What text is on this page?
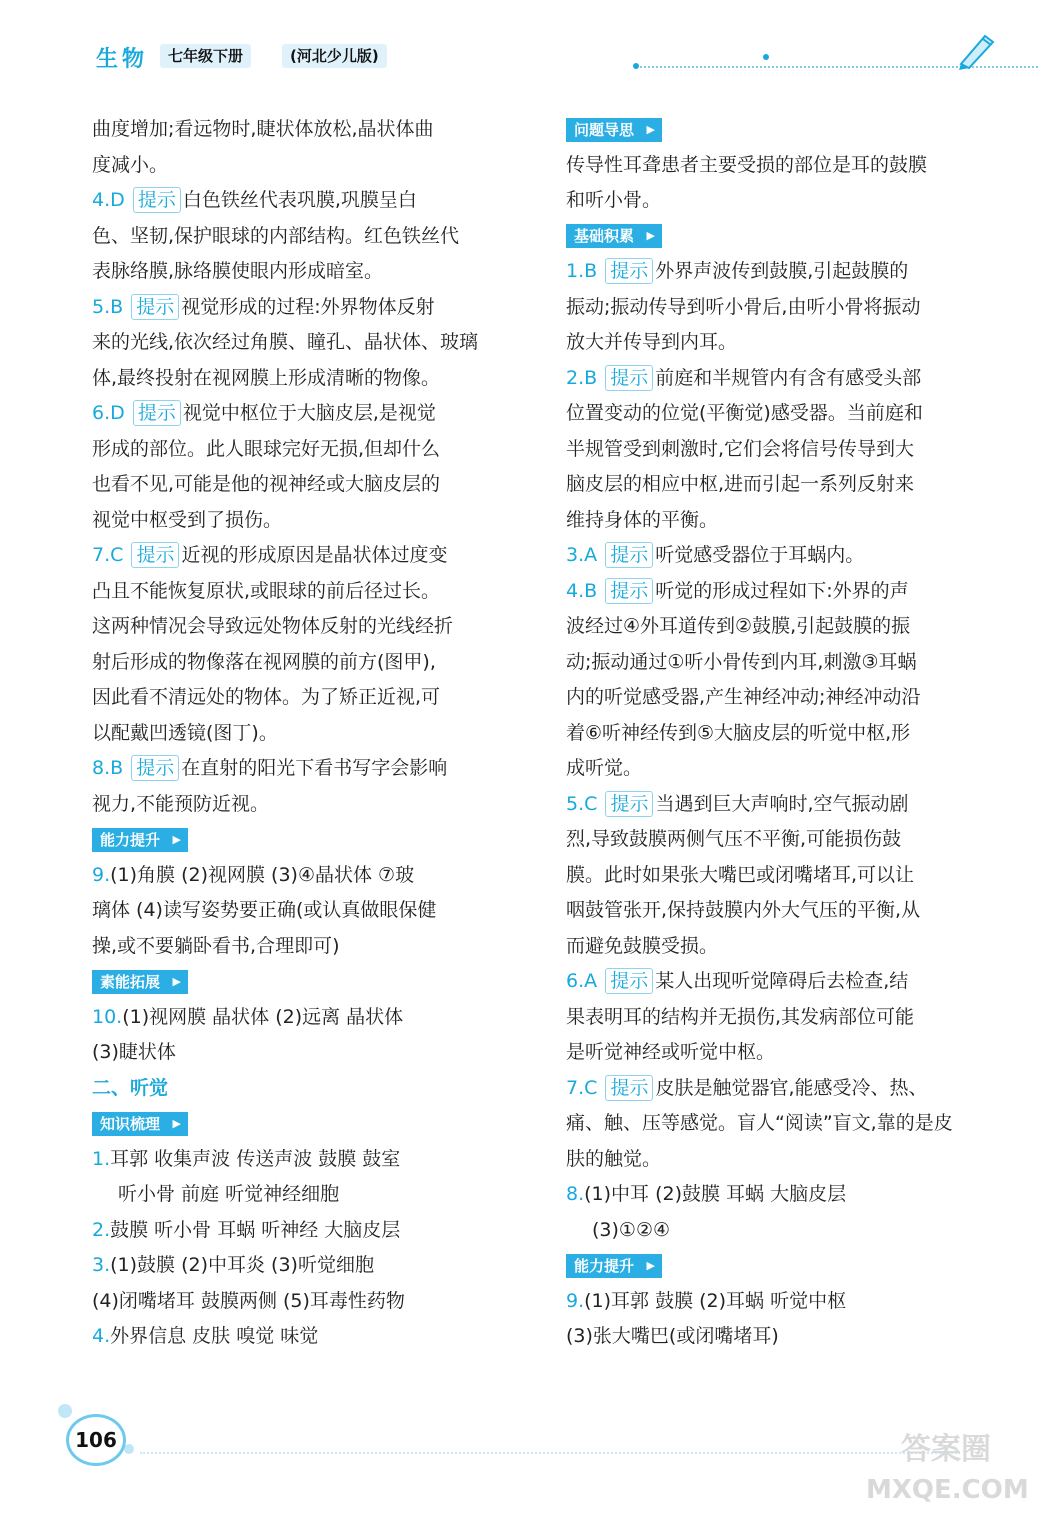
生物	七年级下册	(河北少儿版)
曲度增加;看远物时,睫状体放松,晶状体曲
度减小。
4.D 提示 白色铁丝代表巩膜,巩膜呈白
色、坚韧,保护眼球的内部结构。红色铁丝代
表脉络膜,脉络膜使眼内形成暗室。
5.B 提示 视觉形成的过程:外界物体反射
来的光线,依次经过角膜、瞳孔、晶状体、玻璃
体,最终投射在视网膜上形成清晰的物像。
6.D 提示 视觉中枢位于大脑皮层,是视觉
形成的部位。此人眼球完好无损,但却什么
也看不见,可能是他的视神经或大脑皮层的
视觉中枢受到了损伤。
7.C 提示 近视的形成原因是晶状体过度变
凸且不能恢复原状,或眼球的前后径过长。
这两种情况会导致远处物体反射的光线经折
射后形成的物像落在视网膜的前方(图甲),
因此看不清远处的物体。为了矫正近视,可
以配戴凹透镜(图丁)。
8.B 提示 在直射的阳光下看书写字会影响
视力,不能预防近视。
能力提升 ▶
9.(1)角膜 (2)视网膜 (3)④晶状体 ⑦玻
璃体 (4)读写姿势要正确(或认真做眼保健
操,或不要躺卧看书,合理即可)
素能拓展 ▶
10.(1)视网膜 晶状体 (2)远离 晶状体
(3)睫状体
二、听觉
知识梳理 ▶
1.耳郭 收集声波 传送声波 鼓膜 鼓室
听小骨 前庭 听觉神经细胞
2.鼓膜 听小骨 耳蜗 听神经 大脑皮层
3.(1)鼓膜 (2)中耳炎 (3)听觉细胞
(4)闭嘴堵耳 鼓膜两侧 (5)耳毒性药物
4.外界信息 皮肤 嗅觉 味觉
问题导思 ▶
传导性耳聋患者主要受损的部位是耳的鼓膜
和听小骨。
基础积累 ▶
1.B 提示 外界声波传到鼓膜,引起鼓膜的
振动;振动传导到听小骨后,由听小骨将振动
放大并传导到内耳。
2.B 提示 前庭和半规管内有含有感受头部
位置变动的位觉(平衡觉)感受器。当前庭和
半规管受到刺激时,它们会将信号传导到大
脑皮层的相应中枢,进而引起一系列反射来
维持身体的平衡。
3.A 提示 听觉感受器位于耳蜗内。
4.B 提示 听觉的形成过程如下:外界的声
波经过④外耳道传到②鼓膜,引起鼓膜的振
动;振动通过①听小骨传到内耳,刺激③耳蜗
内的听觉感受器,产生神经冲动;神经冲动沿
着⑥听神经传到⑤大脑皮层的听觉中枢,形
成听觉。
5.C 提示 当遇到巨大声响时,空气振动剧
烈,导致鼓膜两侧气压不平衡,可能损伤鼓
膜。此时如果张大嘴巴或闭嘴堵耳,可以让
咽鼓管张开,保持鼓膜内外大气压的平衡,从
而避免鼓膜受损。
6.A 提示 某人出现听觉障碍后去检查,结
果表明耳的结构并无损伤,其发病部位可能
是听觉神经或听觉中枢。
7.C 提示 皮肤是触觉器官,能感受冷、热、
痛、触、压等感觉。盲人“阅读”盲文,靠的是皮
肤的触觉。
8.(1)中耳 (2)鼓膜 耳蜗 大脑皮层
(3)①②④
能力提升 ▶
9.(1)耳郭 鼓膜 (2)耳蜗 听觉中枢
(3)张大嘴巴(或闭嘴堵耳)
106	答案圈
MXQE.COM
